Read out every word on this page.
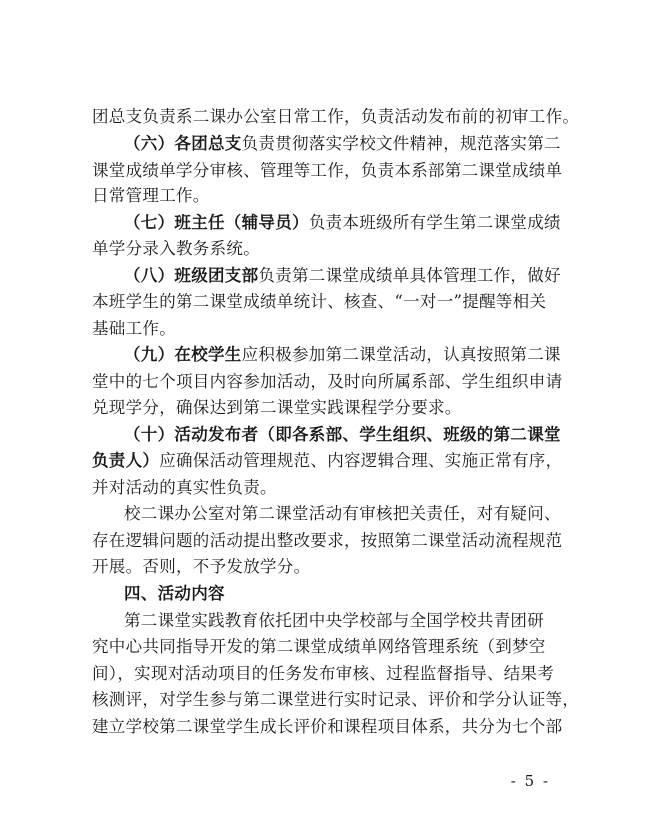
团总支负责系二课办公室日常工作，负责活动发布前的初审工作。
（六）各团总支负责贯彻落实学校文件精神，规范落实第二
课堂成绩单学分审核、管理等工作，负责本系部第二课堂成绩单
日常管理工作。
（七）班主任（辅导员）负责本班级所有学生第二课堂成绩
单学分录入教务系统。
（八）班级团支部负责第二课堂成绩单具体管理工作，做好
本班学生的第二课堂成绩单统计、核查、“一对一”提醒等相关
基础工作。
（九）在校学生应积极参加第二课堂活动，认真按照第二课
堂中的七个项目内容参加活动，及时向所属系部、学生组织申请
兑现学分，确保达到第二课堂实践课程学分要求。
（十）活动发布者（即各系部、学生组织、班级的第二课堂
负责人）应确保活动管理规范、内容逻辑合理、实施正常有序，
并对活动的真实性负责。
校二课办公室对第二课堂活动有审核把关责任，对有疑问、
存在逻辑问题的活动提出整改要求，按照第二课堂活动流程规范
开展。否则，不予发放学分。
四、活动内容
第二课堂实践教育依托团中央学校部与全国学校共青团研
究中心共同指导开发的第二课堂成绩单网络管理系统（到梦空
间），实现对活动项目的任务发布审核、过程监督指导、结果考
核测评，对学生参与第二课堂进行实时记录、评价和学分认证等，
建立学校第二课堂学生成长评价和课程项目体系，共分为七个部
- 5 -
